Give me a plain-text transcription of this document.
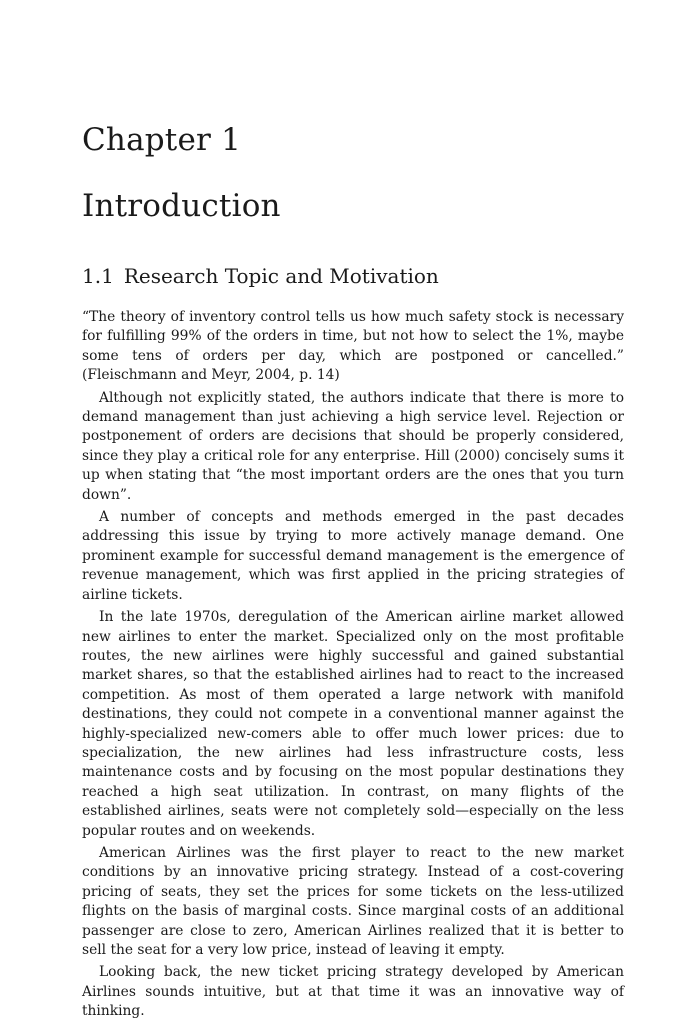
Chapter 1
Introduction
1.1 Research Topic and Motivation

“The theory of inventory control tells us how much safety stock is necessary for fulfilling 99% of the orders in time, but not how to select the 1%, maybe some tens of orders per day, which are postponed or cancelled.” (Fleischmann and Meyr, 2004, p. 14)

Although not explicitly stated, the authors indicate that there is more to demand management than just achieving a high service level. Rejection or postponement of orders are decisions that should be properly considered, since they play a critical role for any enterprise. Hill (2000) concisely sums it up when stating that “the most important orders are the ones that you turn down”.

A number of concepts and methods emerged in the past decades addressing this issue by trying to more actively manage demand. One prominent example for successful demand management is the emergence of revenue management, which was first applied in the pricing strategies of airline tickets.

In the late 1970s, deregulation of the American airline market allowed new airlines to enter the market. Specialized only on the most profitable routes, the new airlines were highly successful and gained substantial market shares, so that the established airlines had to react to the increased competition. As most of them operated a large network with manifold destinations, they could not compete in a conventional manner against the highly-specialized new-comers able to offer much lower prices: due to specialization, the new airlines had less infrastructure costs, less maintenance costs and by focusing on the most popular destinations they reached a high seat utilization. In contrast, on many flights of the established airlines, seats were not completely sold—especially on the less popular routes and on weekends.

American Airlines was the first player to react to the new market conditions by an innovative pricing strategy. Instead of a cost-covering pricing of seats, they set the prices for some tickets on the less-utilized flights on the basis of marginal costs. Since marginal costs of an additional passenger are close to zero, American Airlines realized that it is better to sell the seat for a very low price, instead of leaving it empty.

Looking back, the new ticket pricing strategy developed by American Airlines sounds intuitive, but at that time it was an innovative way of thinking.
